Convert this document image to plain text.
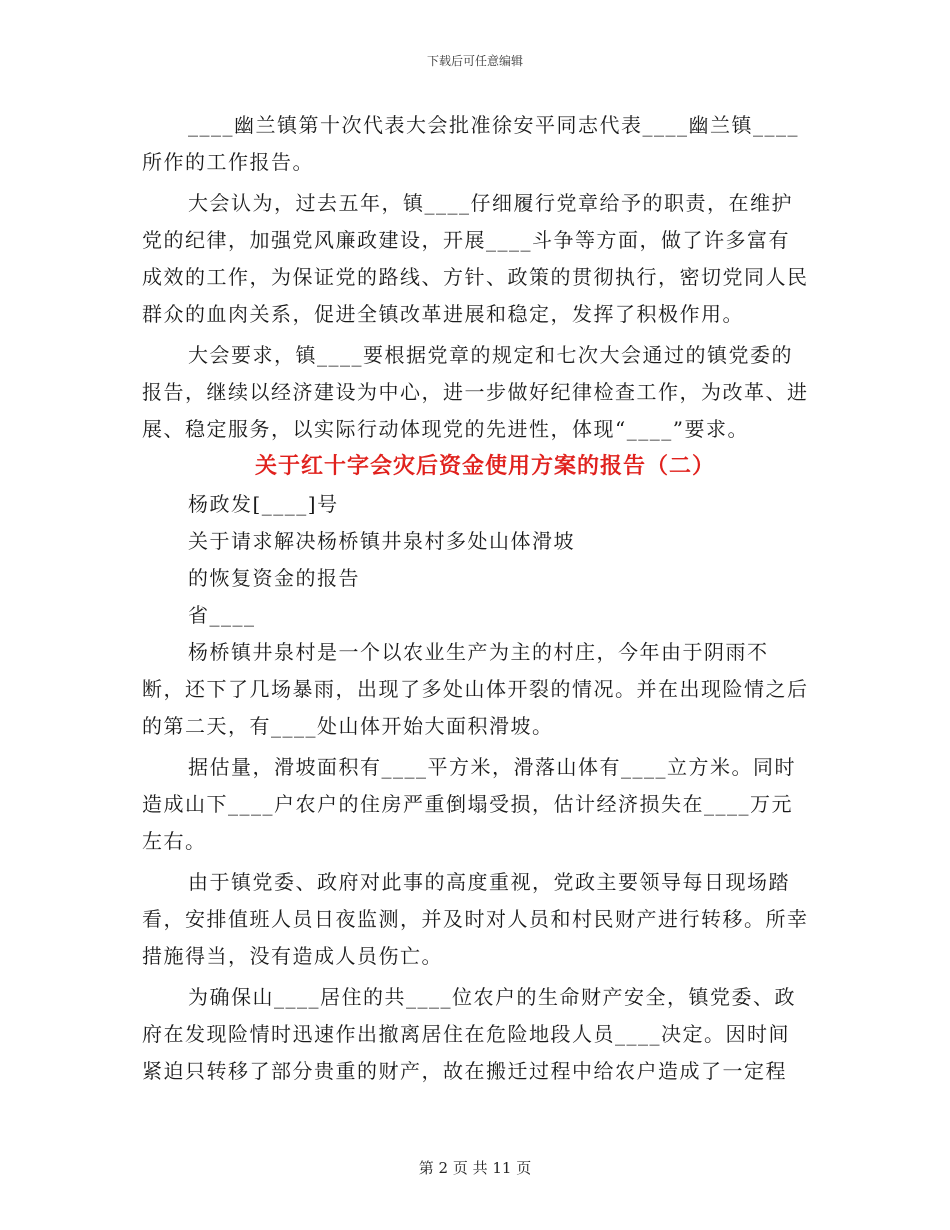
下载后可任意编辑

____幽兰镇第十次代表大会批准徐安平同志代表____幽兰镇____所作的工作报告。

大会认为，过去五年，镇____仔细履行党章给予的职责，在维护党的纪律，加强党风廉政建设，开展____斗争等方面，做了许多富有成效的工作，为保证党的路线、方针、政策的贯彻执行，密切党同人民群众的血肉关系，促进全镇改革进展和稳定，发挥了积极作用。

大会要求，镇____要根据党章的规定和七次大会通过的镇党委的报告，继续以经济建设为中心，进一步做好纪律检查工作，为改革、进展、稳定服务，以实际行动体现党的先进性，体现“____”要求。

关于红十字会灾后资金使用方案的报告（二）

杨政发[____]号

关于请求解决杨桥镇井泉村多处山体滑坡

的恢复资金的报告

省____

杨桥镇井泉村是一个以农业生产为主的村庄，今年由于阴雨不断，还下了几场暴雨，出现了多处山体开裂的情况。并在出现险情之后的第二天，有____处山体开始大面积滑坡。

据估量，滑坡面积有____平方米，滑落山体有____立方米。同时造成山下____户农户的住房严重倒塌受损，估计经济损失在____万元左右。

由于镇党委、政府对此事的高度重视，党政主要领导每日现场踏看，安排值班人员日夜监测，并及时对人员和村民财产进行转移。所幸措施得当，没有造成人员伤亡。

为确保山____居住的共____位农户的生命财产安全，镇党委、政府在发现险情时迅速作出撤离居住在危险地段人员____决定。因时间紧迫只转移了部分贵重的财产，故在搬迁过程中给农户造成了一定程

第 2 页 共 11 页
